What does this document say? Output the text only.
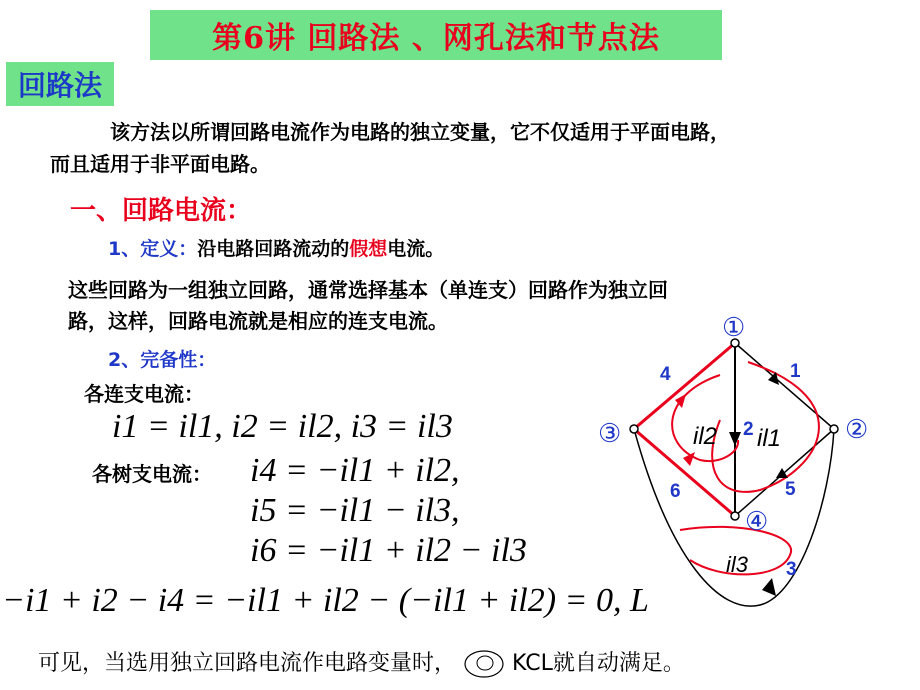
第6讲 回路法 、网孔法和节点法
回路法
该方法以所谓回路电流作为电路的独立变量，它不仅适用于平面电路，
而且适用于非平面电路。
一、回路电流：
1、定义：沿电路回路流动的假想电流。
这些回路为一组独立回路，通常选择基本（单连支）回路作为独立回
路，这样，回路电流就是相应的连支电流。
2、完备性：
各连支电流：
i1 = il1, i2 = il2, i3 = il3
各树支电流： i4 = −il1 + il2,
i5 = −il1 − il3,
i6 = −il1 + il2 − il3
−i1 + i2 − i4 = −il1 + il2 − (−il1 + il2) = 0, L
可见，当选用独立回路电流作电路变量时，	KCL就自动满足。
①
②
③
④
1
2
3
4
5
6
il2 il1
il3
